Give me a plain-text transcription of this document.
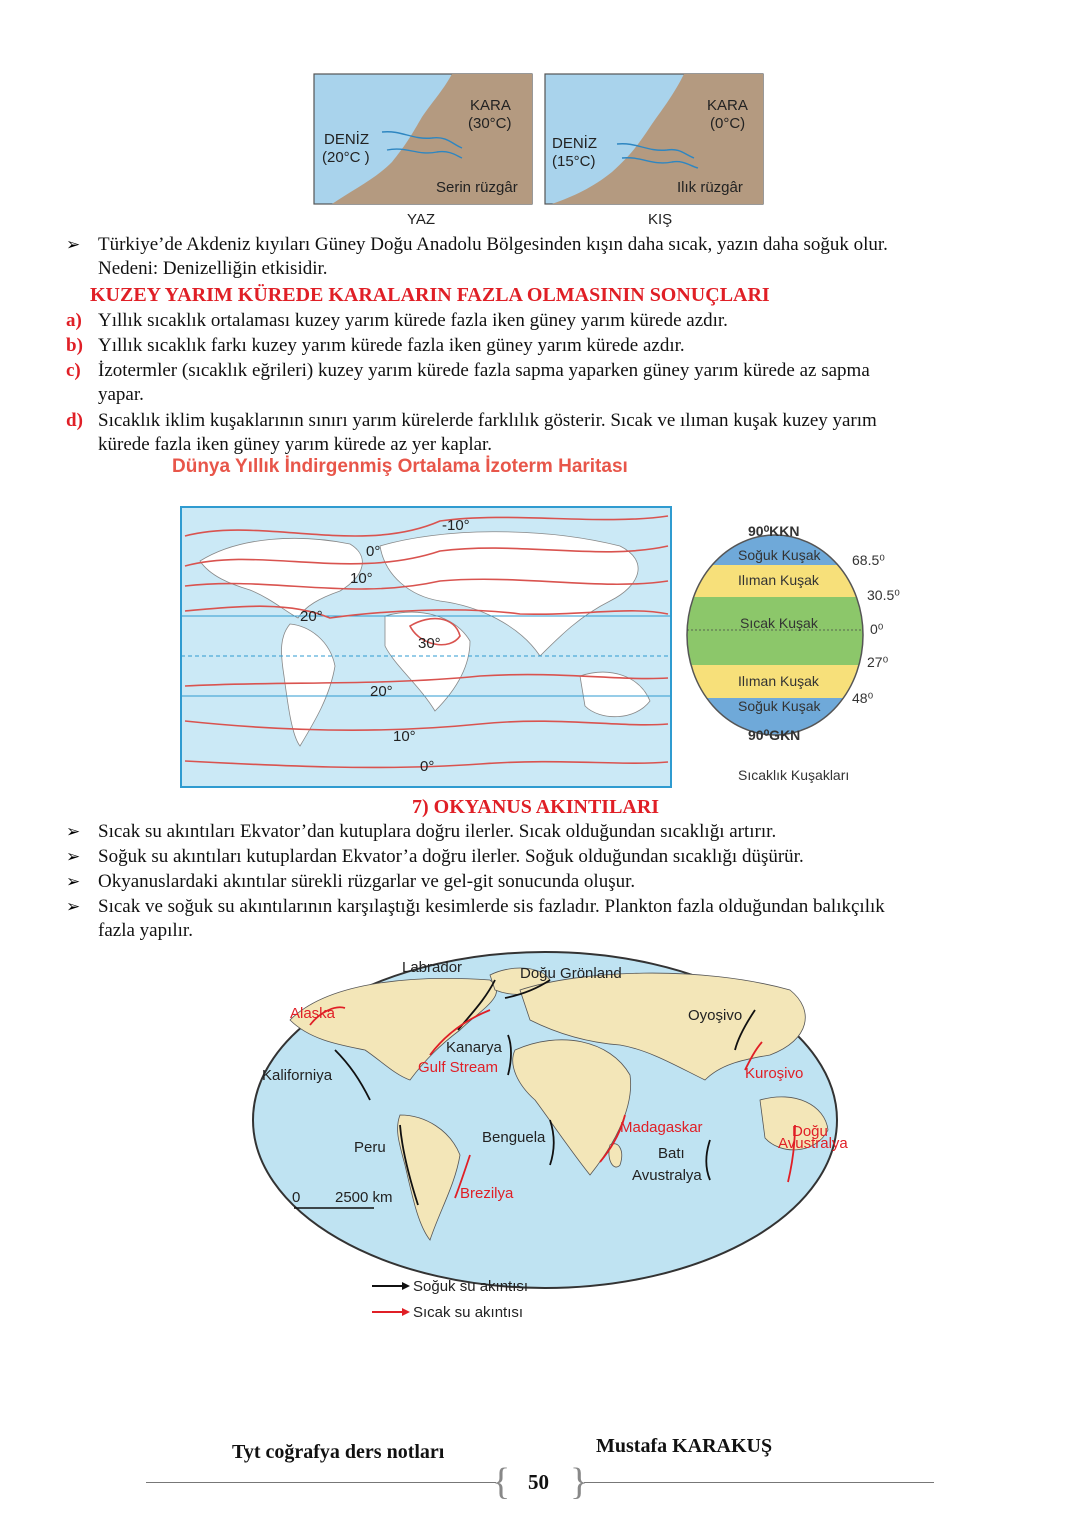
DENİZ
(20°C )
KARA
(30°C)
Serin rüzgâr
YAZ
DENİZ
(15°C)
KARA
(0°C)
Ilık rüzgâr
KIŞ
➢ Türkiye’de Akdeniz kıyıları Güney Doğu Anadolu Bölgesinden kışın daha sıcak, yazın daha soğuk olur.
Nedeni: Denizelliğin etkisidir.
KUZEY YARIM KÜREDE KARALARIN FAZLA OLMASININ SONUÇLARI
a) Yıllık sıcaklık ortalaması kuzey yarım kürede fazla iken güney yarım kürede azdır.
b) Yıllık sıcaklık farkı kuzey yarım kürede fazla iken güney yarım kürede azdır.
c) İzotermler (sıcaklık eğrileri) kuzey yarım kürede fazla sapma yaparken güney yarım kürede az sapma
yapar.
d) Sıcaklık iklim kuşaklarının sınırı yarım kürelerde farklılık gösterir. Sıcak ve ılıman kuşak kuzey yarım
kürede fazla iken güney yarım kürede az yer kaplar.
Dünya Yıllık İndirgenmiş Ortalama İzoterm Haritası
-10°
0°
10°
20°
30°
20°
10°
0°
90⁰KKN
90⁰GKN
Soğuk Kuşak
Ilıman Kuşak
Sıcak Kuşak
Ilıman Kuşak
Soğuk Kuşak
68.5⁰
30.5⁰
0⁰
27⁰
48⁰
Sıcaklık Kuşakları
7) OKYANUS AKINTILARI
➢ Sıcak su akıntıları Ekvator’dan kutuplara doğru ilerler. Sıcak olduğundan sıcaklığı artırır.
➢ Soğuk su akıntıları kutuplardan Ekvator’a doğru ilerler. Soğuk olduğundan sıcaklığı düşürür.
➢ Okyanuslardaki akıntılar sürekli rüzgarlar ve gel-git sonucunda oluşur.
➢ Sıcak ve soğuk su akıntılarının karşılaştığı kesimlerde sis fazladır. Plankton fazla olduğundan balıkçılık
fazla yapılır.
Labrador	Doğu Grönland
Oyoşivo
Kanarya
Kaliforniya
Peru
Benguela
Batı
Avustralya
Alaska
Gulf Stream	Kuroşivo
Madagaskar	Doğu
Avustralya
Brezilya
0 2500 km
Soğuk su akıntısı
Sıcak su akıntısı
Tyt coğrafya ders notları	Mustafa KARAKUŞ
{ }
50
